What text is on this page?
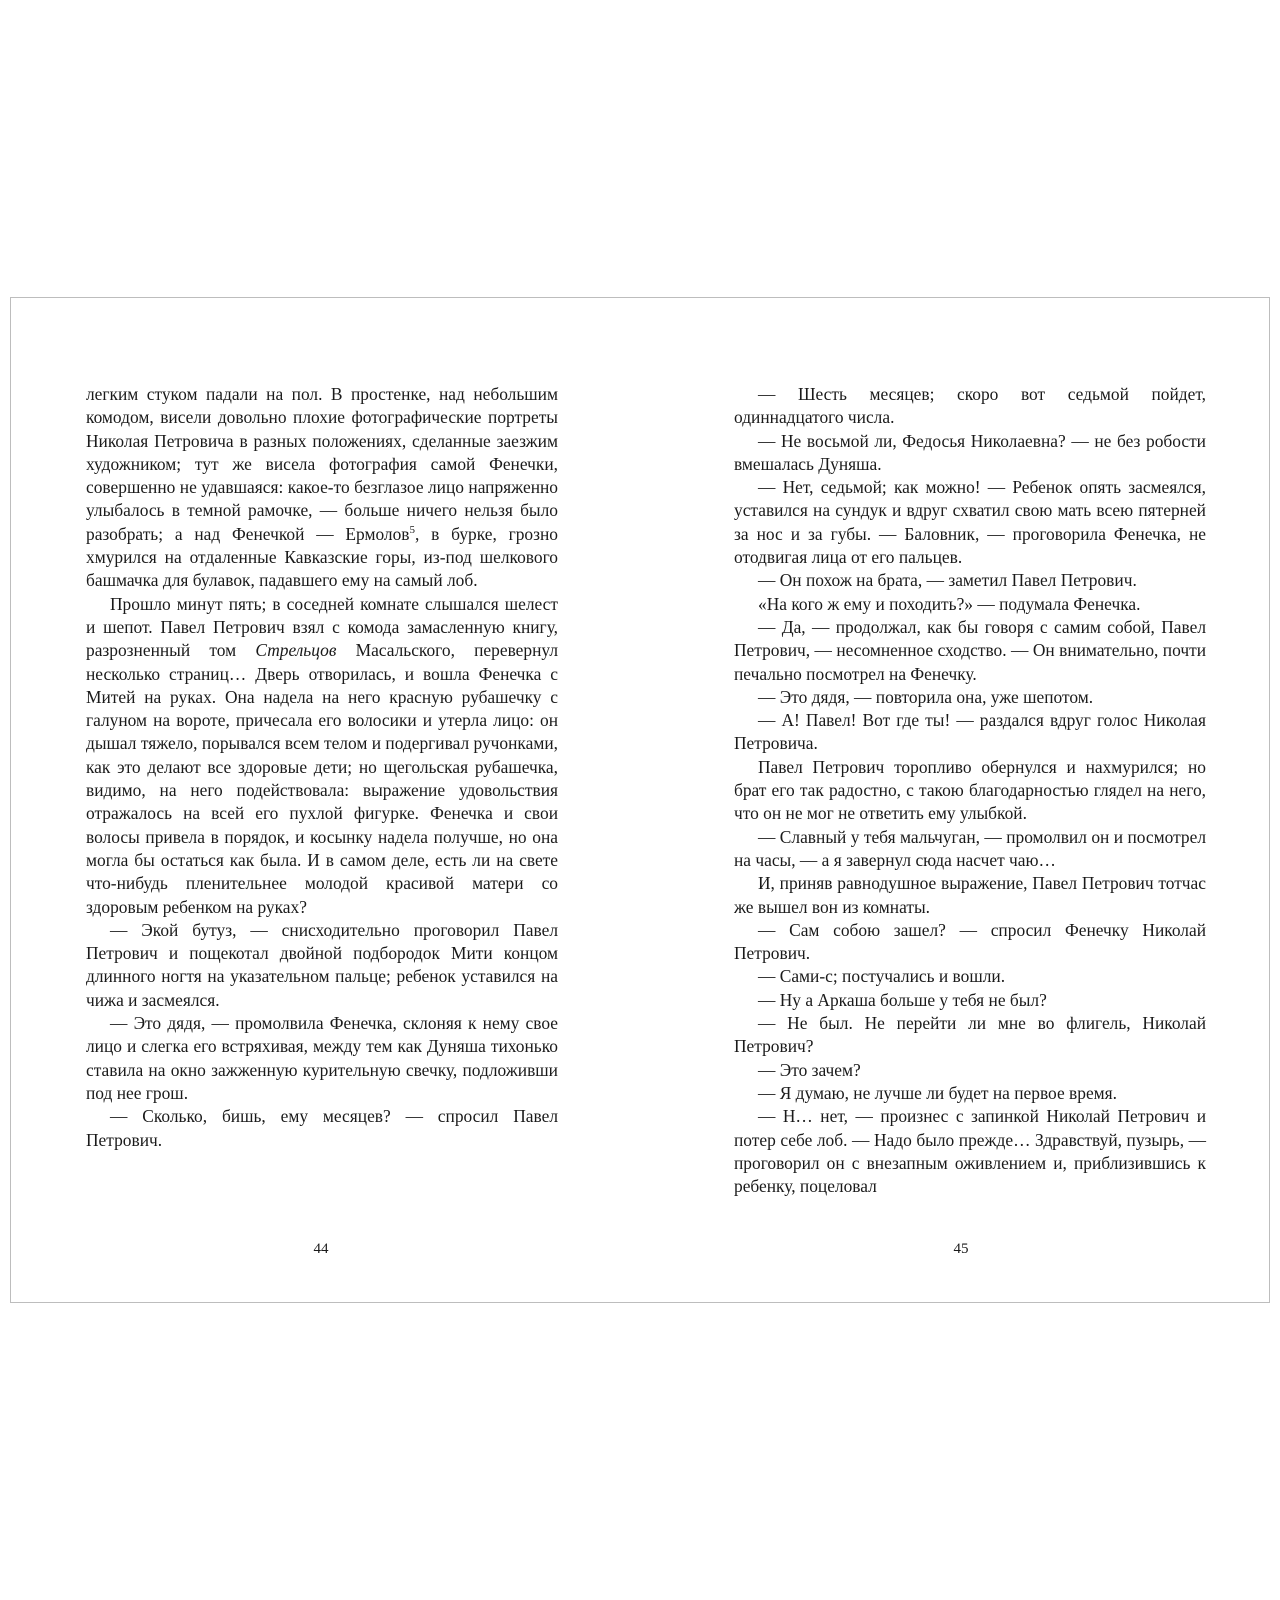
легким стуком падали на пол. В простенке, над небольшим комодом, висели довольно плохие фотографические портреты Николая Петровича в разных положениях, сделанные заезжим художником; тут же висела фотография самой Фенечки, совершенно не удавшаяся: какое-то безглазое лицо напряженно улыбалось в темной рамочке, — больше ничего нельзя было разобрать; а над Фенечкой — Ермолов$^5$, в бурке, грозно хмурился на отдаленные Кавказские горы, из-под шелкового башмачка для булавок, падавшего ему на самый лоб.

Прошло минут пять; в соседней комнате слышался шелест и шепот. Павел Петрович взял с комода замасленную книгу, разрозненный том Стрельцов Масальского, перевернул несколько страниц… Дверь отворилась, и вошла Фенечка с Митей на руках. Она надела на него красную рубашечку с галуном на вороте, причесала его волосики и утерла лицо: он дышал тяжело, порывался всем телом и подергивал ручонками, как это делают все здоровые дети; но щегольская рубашечка, видимо, на него подействовала: выражение удовольствия отражалось на всей его пухлой фигурке. Фенечка и свои волосы привела в порядок, и косынку надела получше, но она могла бы остаться как была. И в самом деле, есть ли на свете что-нибудь пленительнее молодой красивой матери со здоровым ребенком на руках?

— Экой бутуз, — снисходительно проговорил Павел Петрович и пощекотал двойной подбородок Мити концом длинного ногтя на указательном пальце; ребенок уставился на чижа и засмеялся.

— Это дядя, — промолвила Фенечка, склоняя к нему свое лицо и слегка его встряхивая, между тем как Дуняша тихонько ставила на окно зажженную курительную свечку, подложивши под нее грош.

— Сколько, бишь, ему месяцев? — спросил Павел Петрович.

— Шесть месяцев; скоро вот седьмой пойдет, одиннадцатого числа.

— Не восьмой ли, Федосья Николаевна? — не без робости вмешалась Дуняша.

— Нет, седьмой; как можно! — Ребенок опять засмеялся, уставился на сундук и вдруг схватил свою мать всею пятерней за нос и за губы. — Баловник, — проговорила Фенечка, не отодвигая лица от его пальцев.

— Он похож на брата, — заметил Павел Петрович.

«На кого ж ему и походить?» — подумала Фенечка.

— Да, — продолжал, как бы говоря с самим собой, Павел Петрович, — несомненное сходство. — Он внимательно, почти печально посмотрел на Фенечку.

— Это дядя, — повторила она, уже шепотом.

— А! Павел! Вот где ты! — раздался вдруг голос Николая Петровича.

Павел Петрович торопливо обернулся и нахмурился; но брат его так радостно, с такою благодарностью глядел на него, что он не мог не ответить ему улыбкой.

— Славный у тебя мальчуган, — промолвил он и посмотрел на часы, — а я завернул сюда насчет чаю…

И, приняв равнодушное выражение, Павел Петрович тотчас же вышел вон из комнаты.

— Сам собою зашел? — спросил Фенечку Николай Петрович.

— Сами-с; постучались и вошли.

— Ну а Аркаша больше у тебя не был?

— Не был. Не перейти ли мне во флигель, Николай Петрович?

— Это зачем?

— Я думаю, не лучше ли будет на первое время.

— Н… нет, — произнес с запинкой Николай Петрович и потер себе лоб. — Надо было прежде… Здравствуй, пузырь, — проговорил он с внезапным оживлением и, приблизившись к ребенку, поцеловал

44	45
